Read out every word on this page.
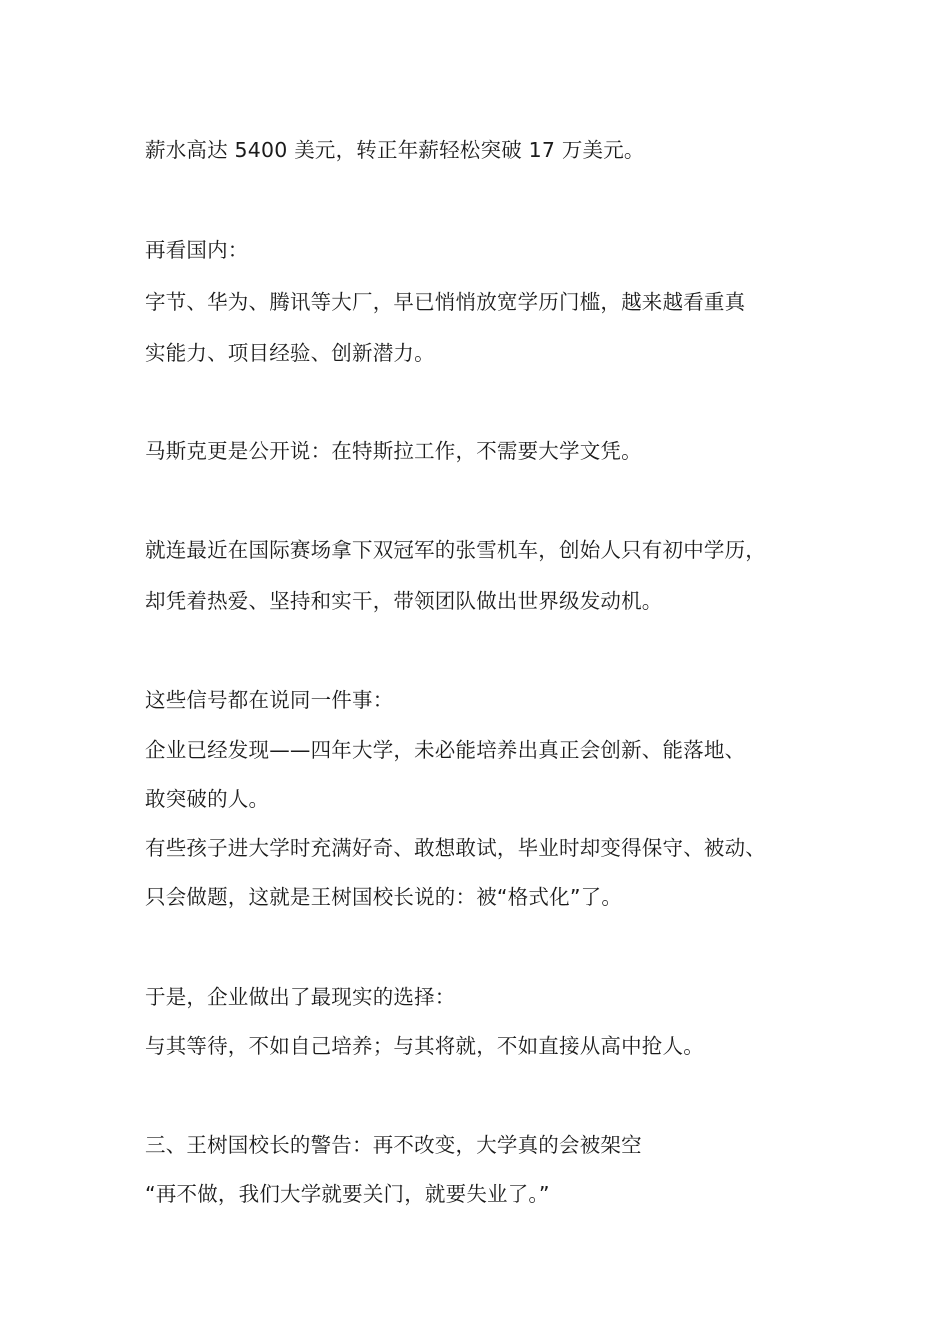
薪水高达 5400 美元，转正年薪轻松突破 17 万美元。
再看国内：
字节、华为、腾讯等大厂，早已悄悄放宽学历门槛，越来越看重真
实能力、项目经验、创新潜力。
马斯克更是公开说：在特斯拉工作，不需要大学文凭。
就连最近在国际赛场拿下双冠军的张雪机车，创始人只有初中学历，
却凭着热爱、坚持和实干，带领团队做出世界级发动机。
这些信号都在说同一件事：
企业已经发现——四年大学，未必能培养出真正会创新、能落地、
敢突破的人。
有些孩子进大学时充满好奇、敢想敢试，毕业时却变得保守、被动、
只会做题，这就是王树国校长说的：被“格式化”了。
于是，企业做出了最现实的选择：
与其等待，不如自己培养；与其将就，不如直接从高中抢人。
三、王树国校长的警告：再不改变，大学真的会被架空
“再不做，我们大学就要关门，就要失业了。”
